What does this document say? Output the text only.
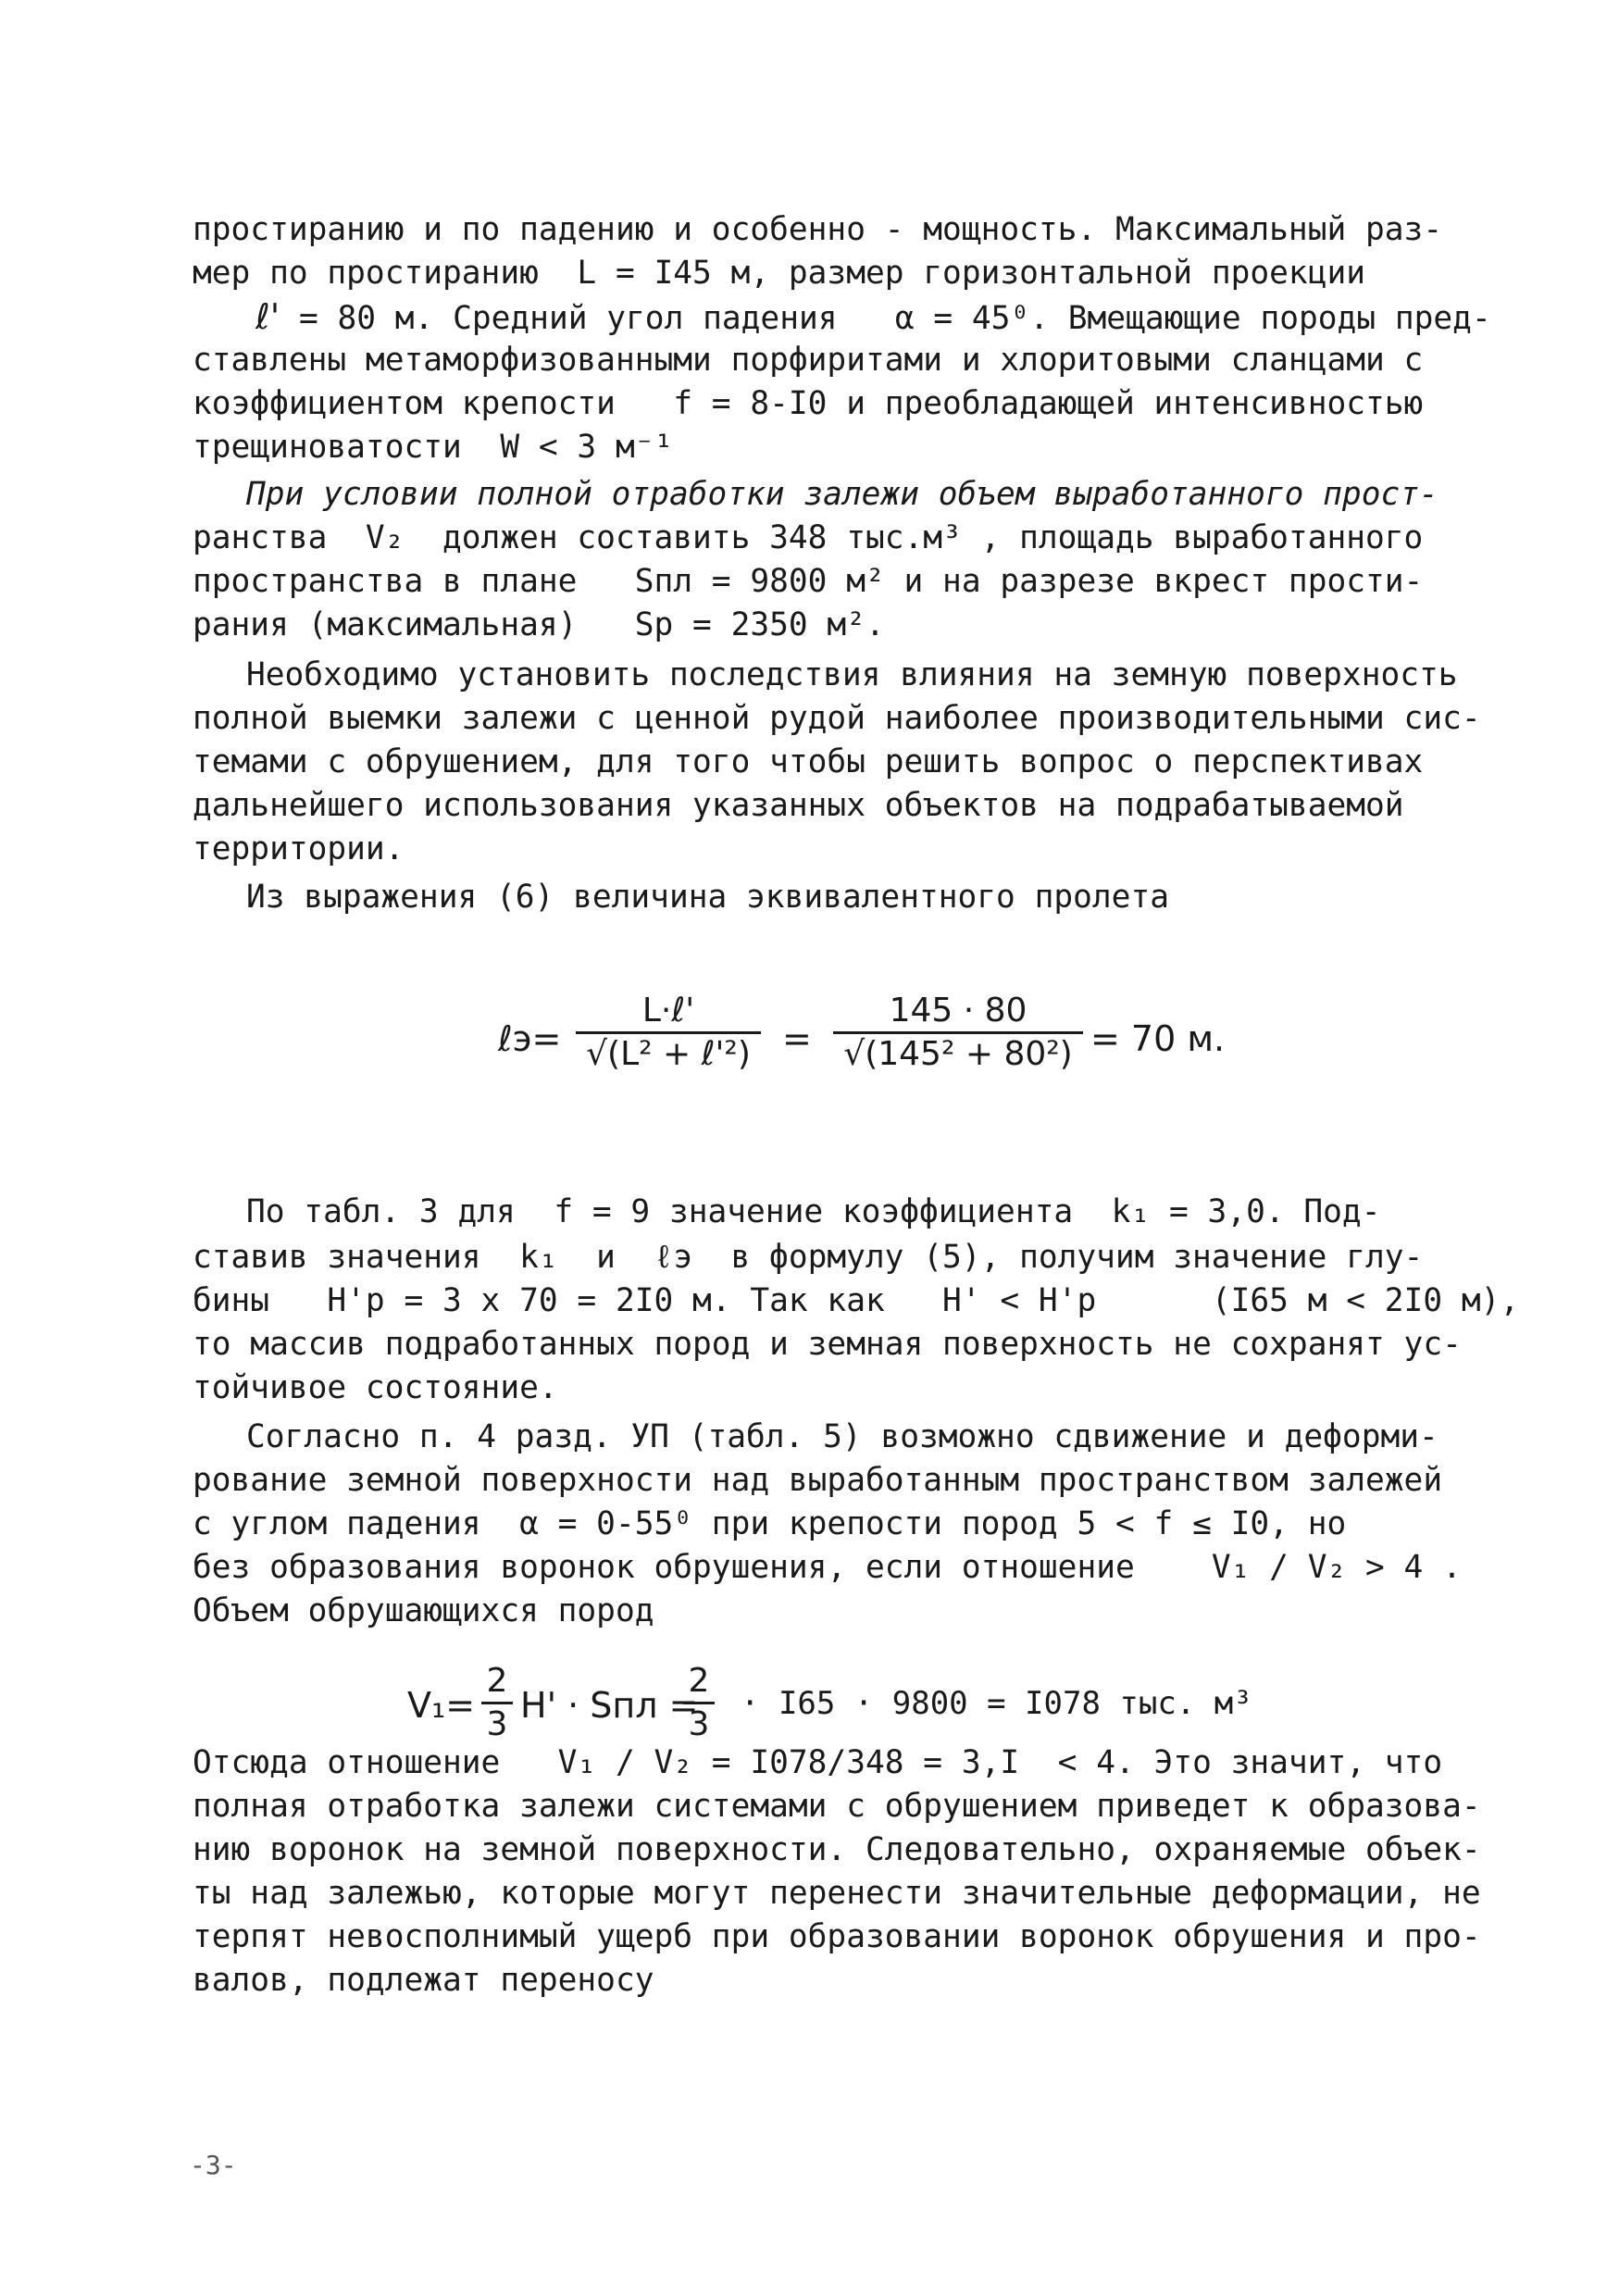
простиранию и по падению и особенно - мощность. Максимальный раз-
мер по простиранию  L = I45 м, размер горизонтальной проекции
ℓ' = 80 м. Средний угол падения   α = 45⁰. Вмещающие породы пред-
ставлены метаморфизованными порфиритами и хлоритовыми сланцами с
коэффициентом крепости   f = 8-I0 и преобладающей интенсивностью
трещиноватости  W < 3 м⁻¹
При условии полной отработки залежи объем выработанного прост-
ранства  V₂  должен составить 348 тыс.м³ , площадь выработанного
пространства в плане   Sпл = 9800 м² и на разрезе вкрест прости-
рания (максимальная)   Sр = 2350 м².
Необходимо установить последствия влияния на земную поверхность
полной выемки залежи с ценной рудой наиболее производительными сис-
темами с обрушением, для того чтобы решить вопрос о перспективах
дальнейшего использования указанных объектов на подрабатываемой
территории.
Из выражения (6) величина эквивалентного пролета
ℓэ=
L·ℓ'
√(L² + ℓ'²) = $\frac{145 \cdot 80}{\text{√(145² + 80²)}} = 70$ м.
По табл. 3 для  f = 9 значение коэффициента  k₁ = 3,0. Под-
ставив значения  k₁  и  ℓэ  в формулу (5), получим значение глу-
бины   H'р = 3 х 70 = 2I0 м. Так как   H' < H'р      (I65 м < 2I0 м),
то массив подработанных пород и земная поверхность не сохранят ус-
тойчивое состояние.
Согласно п. 4 разд. УП (табл. 5) возможно сдвижение и деформи-
рование земной поверхности над выработанным пространством залежей
с углом падения  α = 0-55⁰ при крепости пород 5 < f ≤ I0, но
без образования воронок обрушения, если отношение    V₁ / V₂ > 4 .
Объем обрушающихся пород
$V_1= \frac{2}{3} H'$ · Sпл =
$\frac{2}{3} \cdot I65 \cdot 9800 = I078$ тыс. м³
Отсюда отношение   V₁ / V₂ = I078/348 = 3,I  < 4. Это значит, что
полная отработка залежи системами с обрушением приведет к образова-
нию воронок на земной поверхности. Следовательно, охраняемые объек-
ты над залежью, которые могут перенести значительные деформации, не
терпят невосполнимый ущерб при образовании воронок обрушения и про-
валов, подлежат переносу
-3-
